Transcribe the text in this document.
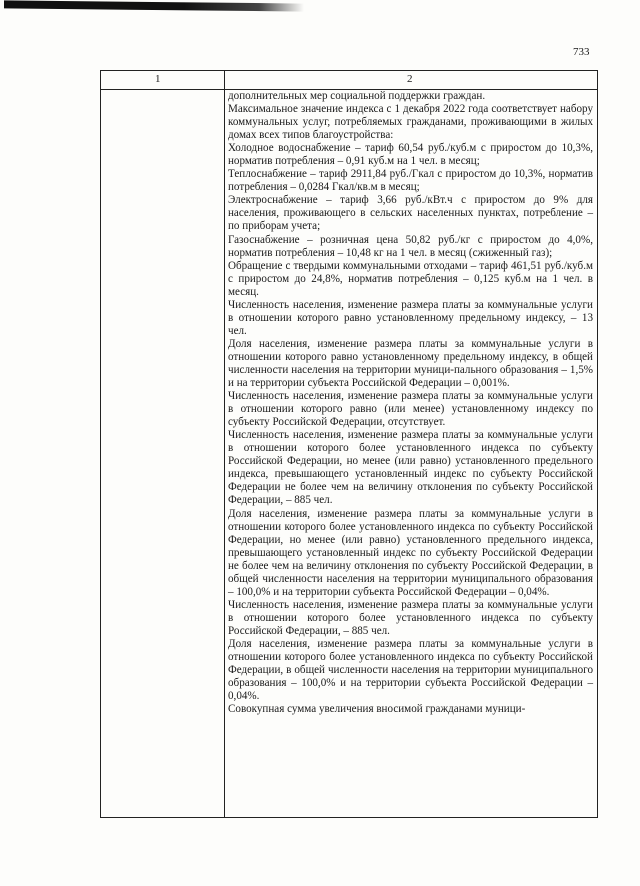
733
1	2

дополнительных мер социальной поддержки граждан.

Максимальное значение индекса с 1 декабря 2022 года соответствует набору коммунальных услуг, потребляемых гражданами, проживающими в жилых домах всех типов благоустройства:

Холодное водоснабжение – тариф 60,54 руб./куб.м с приростом до 10,3%, норматив потребления – 0,91 куб.м на 1 чел. в месяц;

Теплоснабжение – тариф 2911,84 руб./Гкал с приростом до 10,3%, норматив потребления – 0,0284 Гкал/кв.м в месяц;

Электроснабжение – тариф 3,66 руб./кВт.ч с приростом до 9% для населения, проживающего в сельских населенных пунктах, потребление – по приборам учета;

Газоснабжение – розничная цена 50,82 руб./кг с приростом до 4,0%, норматив потребления – 10,48 кг на 1 чел. в месяц (сжиженный газ);

Обращение с твердыми коммунальными отходами – тариф 461,51 руб./куб.м с приростом до 24,8%, норматив потребления – 0,125 куб.м на 1 чел. в месяц.

Численность населения, изменение размера платы за коммунальные услуги в отношении которого равно установленному предельному индексу, – 13 чел.

Доля населения, изменение размера платы за коммунальные услуги в отношении которого равно установленному предельному индексу, в общей численности населения на территории муници-пального образования – 1,5% и на территории субъекта Российской Федерации – 0,001%.

Численность населения, изменение размера платы за коммунальные услуги в отношении которого равно (или менее) установленному индексу по субъекту Российской Федерации, отсутствует.

Численность населения, изменение размера платы за коммунальные услуги в отношении которого более установленного индекса по субъекту Российской Федерации, но менее (или равно) установленного предельного индекса, превышающего установленный индекс по субъекту Российской Федерации не более чем на величину отклонения по субъекту Российской Федерации, – 885 чел.

Доля населения, изменение размера платы за коммунальные услуги в отношении которого более установленного индекса по субъекту Российской Федерации, но менее (или равно) установленного предельного индекса, превышающего установленный индекс по субъекту Российской Федерации не более чем на величину отклонения по субъекту Российской Федерации, в общей численности населения на территории муниципального образования – 100,0% и на территории субъекта Российской Федерации – 0,04%.

Численность населения, изменение размера платы за коммунальные услуги в отношении которого более установленного индекса по субъекту Российской Федерации, – 885 чел.

Доля населения, изменение размера платы за коммунальные услуги в отношении которого более установленного индекса по субъекту Российской Федерации, в общей численности населения на территории муниципального образования – 100,0% и на территории субъекта Российской Федерации – 0,04%.

Совокупная сумма увеличения вносимой гражданами муници-
